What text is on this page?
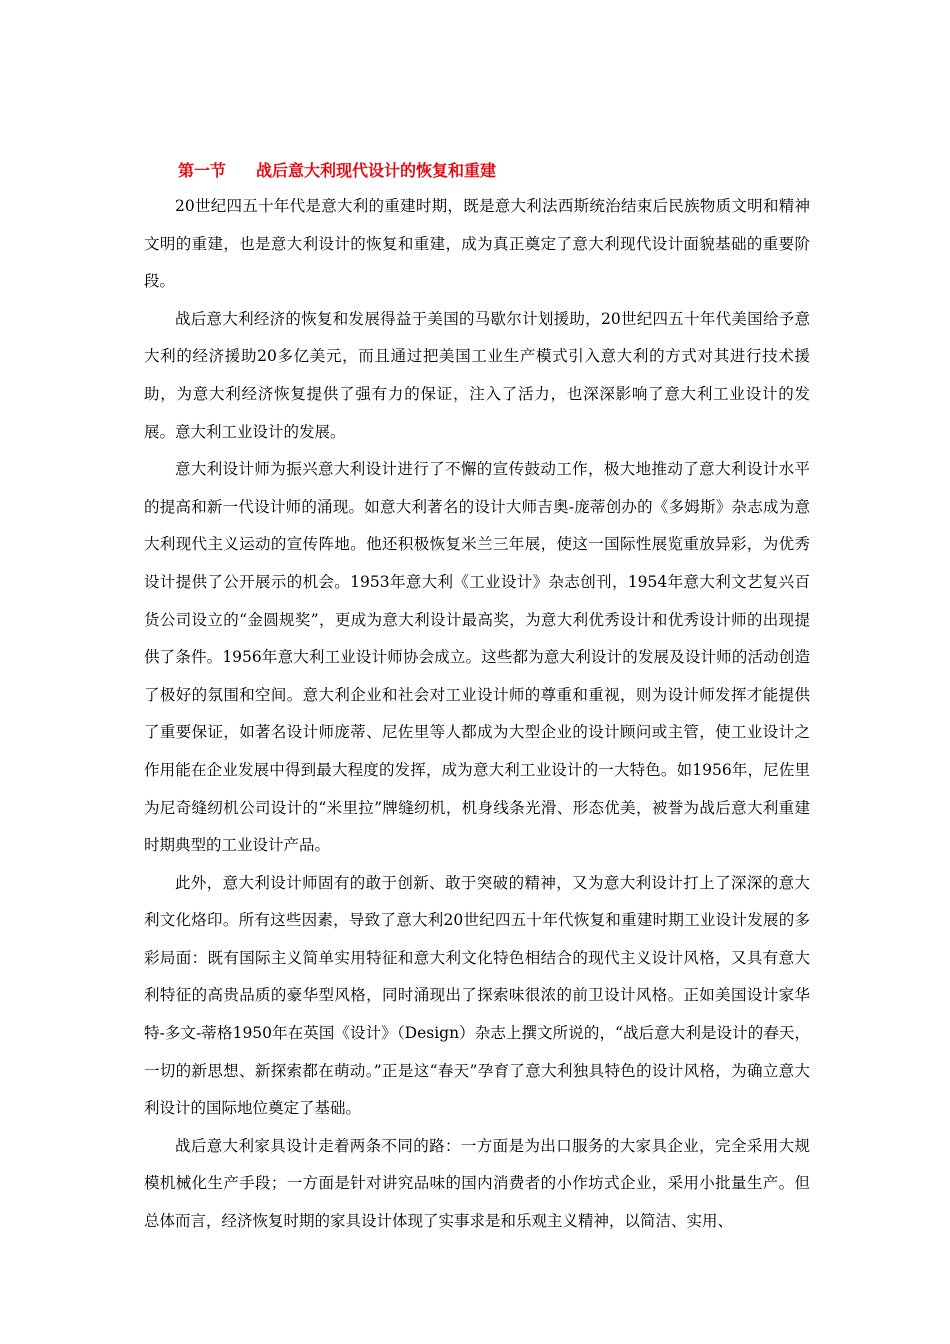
第一节 战后意大利现代设计的恢复和重建

20世纪四五十年代是意大利的重建时期，既是意大利法西斯统治结束后民族物质文明和精神文明的重建，也是意大利设计的恢复和重建，成为真正奠定了意大利现代设计面貌基础的重要阶段。

战后意大利经济的恢复和发展得益于美国的马歇尔计划援助，20世纪四五十年代美国给予意大利的经济援助20多亿美元，而且通过把美国工业生产模式引入意大利的方式对其进行技术援助，为意大利经济恢复提供了强有力的保证，注入了活力，也深深影响了意大利工业设计的发展。意大利工业设计的发展。

意大利设计师为振兴意大利设计进行了不懈的宣传鼓动工作，极大地推动了意大利设计水平的提高和新一代设计师的涌现。如意大利著名的设计大师吉奥-庞蒂创办的《多姆斯》杂志成为意大利现代主义运动的宣传阵地。他还积极恢复米兰三年展，使这一国际性展览重放异彩，为优秀设计提供了公开展示的机会。1953年意大利《工业设计》杂志创刊，1954年意大利文艺复兴百货公司设立的“金圆规奖”，更成为意大利设计最高奖，为意大利优秀设计和优秀设计师的出现提供了条件。1956年意大利工业设计师协会成立。这些都为意大利设计的发展及设计师的活动创造了极好的氛围和空间。意大利企业和社会对工业设计师的尊重和重视，则为设计师发挥才能提供了重要保证，如著名设计师庞蒂、尼佐里等人都成为大型企业的设计顾问或主管，使工业设计之作用能在企业发展中得到最大程度的发挥，成为意大利工业设计的一大特色。如1956年，尼佐里为尼奇缝纫机公司设计的“米里拉”牌缝纫机，机身线条光滑、形态优美，被誉为战后意大利重建时期典型的工业设计产品。

此外，意大利设计师固有的敢于创新、敢于突破的精神，又为意大利设计打上了深深的意大利文化烙印。所有这些因素，导致了意大利20世纪四五十年代恢复和重建时期工业设计发展的多彩局面：既有国际主义简单实用特征和意大利文化特色相结合的现代主义设计风格，又具有意大利特征的高贵品质的豪华型风格，同时涌现出了探索味很浓的前卫设计风格。正如美国设计家华特-多文-蒂格1950年在英国《设计》（Design）杂志上撰文所说的，“战后意大利是设计的春天，一切的新思想、新探索都在萌动。”正是这“春天”孕育了意大利独具特色的设计风格，为确立意大利设计的国际地位奠定了基础。

战后意大利家具设计走着两条不同的路：一方面是为出口服务的大家具企业，完全采用大规模机械化生产手段；一方面是针对讲究品味的国内消费者的小作坊式企业，采用小批量生产。但总体而言，经济恢复时期的家具设计体现了实事求是和乐观主义精神，以简洁、实用、
